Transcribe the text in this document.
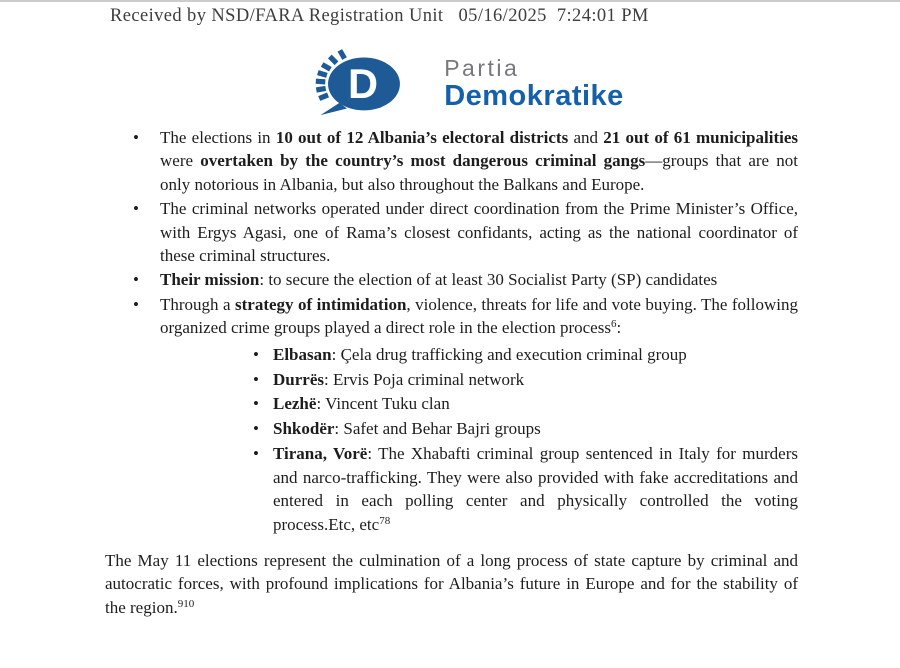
Received by NSD/FARA Registration Unit   05/16/2025  7:24:01 PM
D	Partia
Demokratike
• The elections in 10 out of 12 Albania’s electoral districts and 21 out of 61 municipalities were overtaken by the country’s most dangerous criminal gangs—groups that are not only notorious in Albania, but also throughout the Balkans and Europe.
• The criminal networks operated under direct coordination from the Prime Minister’s Office, with Ergys Agasi, one of Rama’s closest confidants, acting as the national coordinator of these criminal structures.
• Their mission: to secure the election of at least 30 Socialist Party (SP) candidates
• Through a strategy of intimidation, violence, threats for life and vote buying. The following organized crime groups played a direct role in the election process$^6$:
• Elbasan: Çela drug trafficking and execution criminal group
• Durrës: Ervis Poja criminal network
• Lezhë: Vincent Tuku clan
• Shkodër: Safet and Behar Bajri groups
• Tirana, Vorë: The Xhabafti criminal group sentenced in Italy for murders and narco-trafficking. They were also provided with fake accreditations and entered in each polling center and physically controlled the voting process.Etc, etc$^{78}$

The May 11 elections represent the culmination of a long process of state capture by criminal and autocratic forces, with profound implications for Albania’s future in Europe and for the stability of the region.$^{910}$
